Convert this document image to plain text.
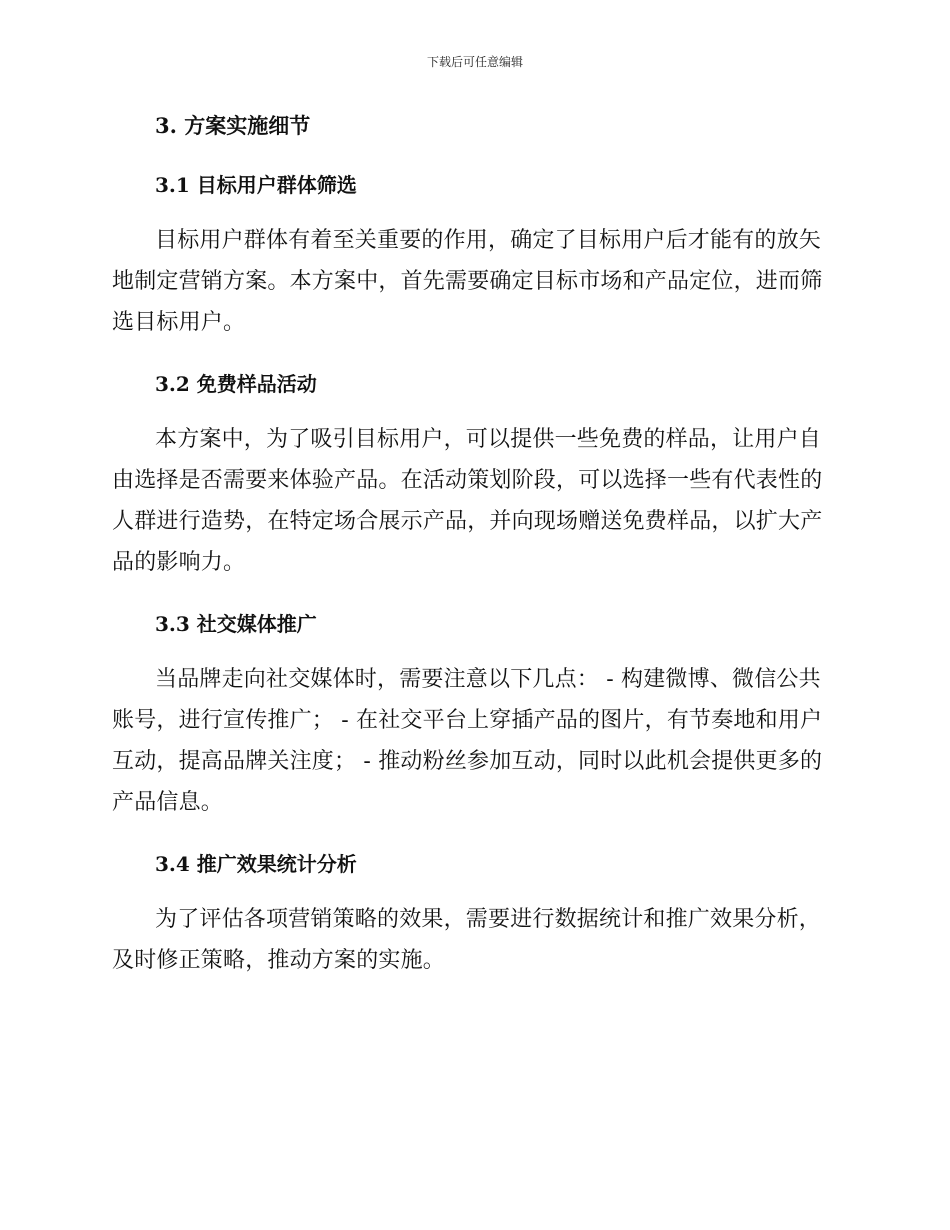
下载后可任意编辑
3. 方案实施细节
3.1 目标用户群体筛选

目标用户群体有着至关重要的作用，确定了目标用户后才能有的放矢地制定营销方案。本方案中，首先需要确定目标市场和产品定位，进而筛选目标用户。

3.2 免费样品活动

本方案中，为了吸引目标用户，可以提供一些免费的样品，让用户自由选择是否需要来体验产品。在活动策划阶段，可以选择一些有代表性的人群进行造势，在特定场合展示产品，并向现场赠送免费样品，以扩大产品的影响力。

3.3 社交媒体推广

当品牌走向社交媒体时，需要注意以下几点： - 构建微博、微信公共账号，进行宣传推广； - 在社交平台上穿插产品的图片，有节奏地和用户互动，提高品牌关注度； - 推动粉丝参加互动，同时以此机会提供更多的产品信息。

3.4 推广效果统计分析

为了评估各项营销策略的效果，需要进行数据统计和推广效果分析，及时修正策略，推动方案的实施。
